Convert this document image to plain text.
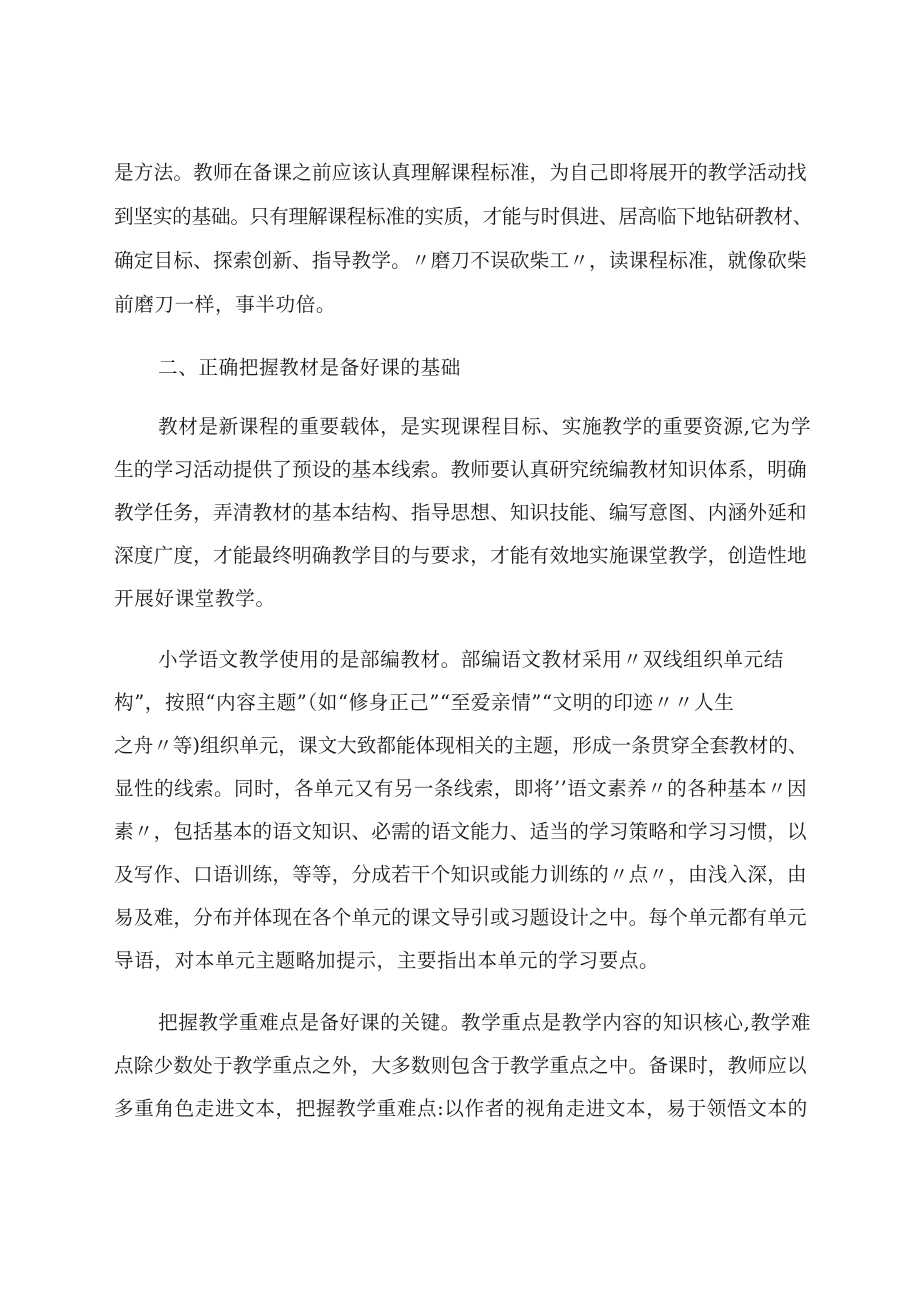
是方法。教师在备课之前应该认真理解课程标准，为自己即将展开的教学活动找
到坚实的基础。只有理解课程标准的实质，才能与时俱进、居高临下地钻研教材、
确定目标、探索创新、指导教学。〃磨刀不误砍柴工〃，读课程标准，就像砍柴
前磨刀一样，事半功倍。
二、正确把握教材是备好课的基础
教材是新课程的重要载体，是实现课程目标、实施教学的重要资源,它为学
生的学习活动提供了预设的基本线索。教师要认真研究统编教材知识体系，明确
教学任务，弄清教材的基本结构、指导思想、知识技能、编写意图、内涵外延和
深度广度，才能最终明确教学目的与要求，才能有效地实施课堂教学，创造性地
开展好课堂教学。
小学语文教学使用的是部编教材。部编语文教材采用〃双线组织单元结
构”，按照“内容主题”（如“修身正己”“至爱亲情”“文明的印迹〃〃人生
之舟〃等)组织单元，课文大致都能体现相关的主题，形成一条贯穿全套教材的、
显性的线索。同时，各单元又有另一条线索，即将’’语文素养〃的各种基本〃因
素〃，包括基本的语文知识、必需的语文能力、适当的学习策略和学习习惯，以
及写作、口语训练，等等，分成若干个知识或能力训练的〃点〃，由浅入深，由
易及难，分布并体现在各个单元的课文导引或习题设计之中。每个单元都有单元
导语，对本单元主题略加提示，主要指出本单元的学习要点。
把握教学重难点是备好课的关键。教学重点是教学内容的知识核心,教学难
点除少数处于教学重点之外，大多数则包含于教学重点之中。备课时，教师应以
多重角色走进文本，把握教学重难点:以作者的视角走进文本，易于领悟文本的
